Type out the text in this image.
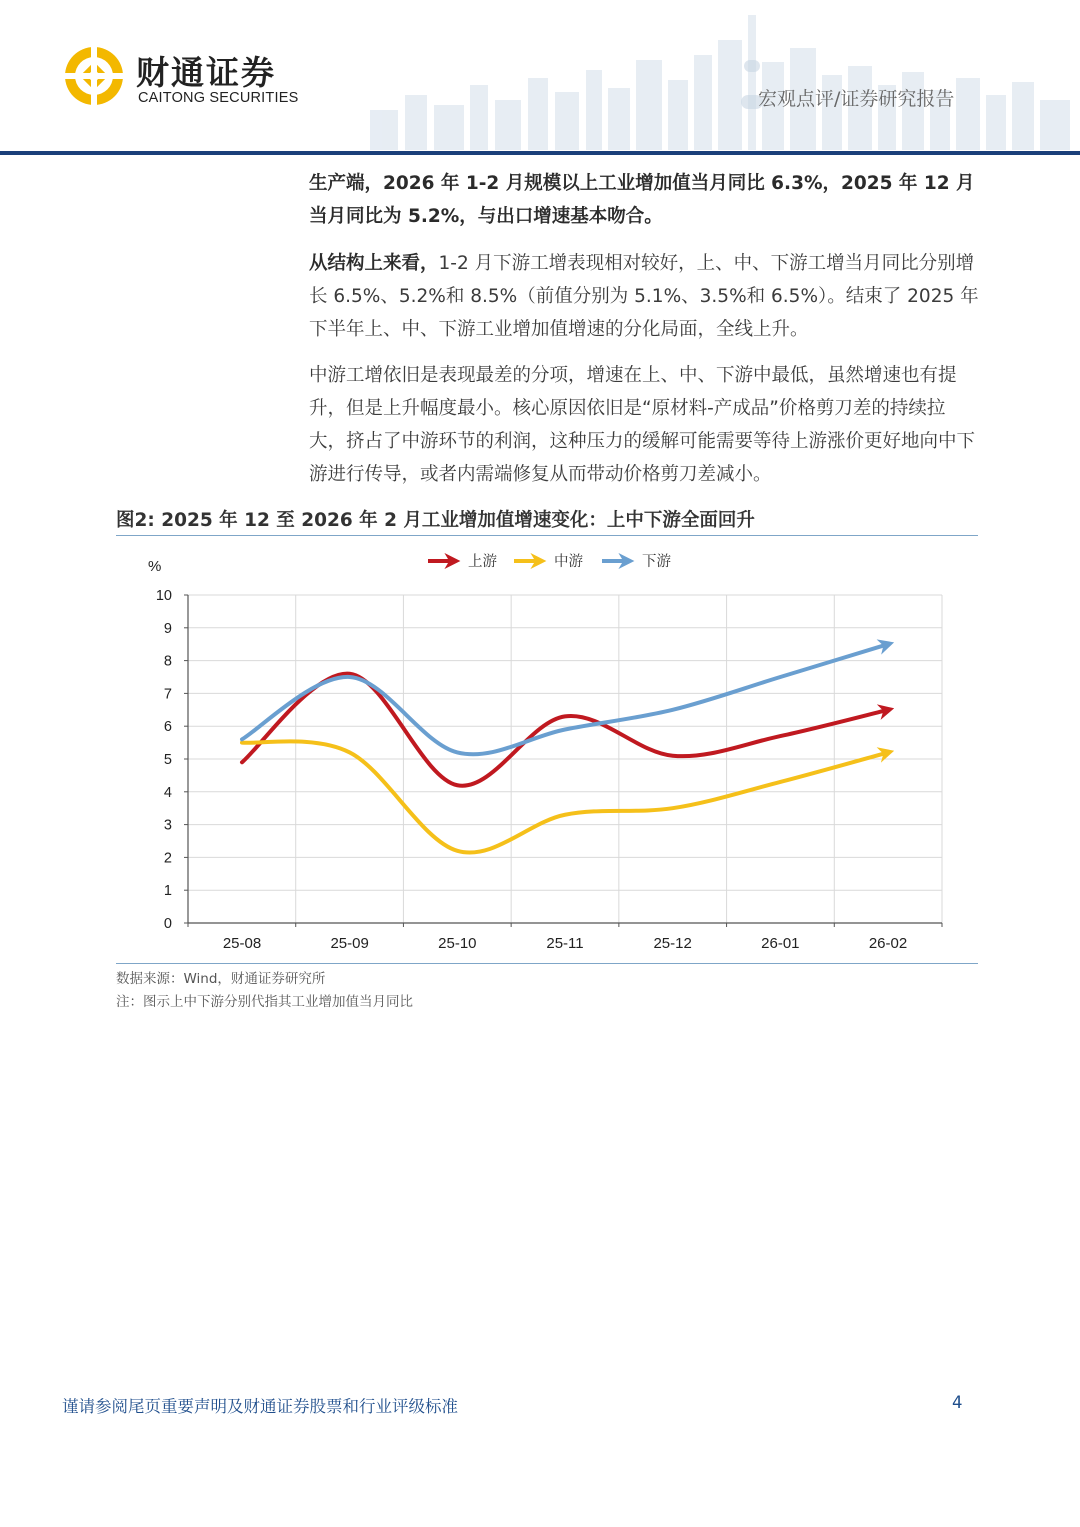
财通证券
CAITONG SECURITIES	宏观点评/证券研究报告

生产端，2026 年 1-2 月规模以上工业增加值当月同比 6.3%，2025 年 12 月当月同比为 5.2%，与出口增速基本吻合。

从结构上来看，1-2 月下游工增表现相对较好，上、中、下游工增当月同比分别增长 6.5%、5.2%和 8.5%（前值分别为 5.1%、3.5%和 6.5%）。结束了 2025 年下半年上、中、下游工业增加值增速的分化局面，全线上升。

中游工增依旧是表现最差的分项，增速在上、中、下游中最低，虽然增速也有提升，但是上升幅度最小。核心原因依旧是“原材料-产成品”价格剪刀差的持续拉大，挤占了中游环节的利润，这种压力的缓解可能需要等待上游涨价更好地向中下游进行传导，或者内需端修复从而带动价格剪刀差减小。

图2: 2025 年 12 至 2026 年 2 月工业增加值增速变化：上中下游全面回升
0
1
2
3
4
5
6
7
8
9
10
25-08	25-09	25-10	25-11	25-12	26-01	26-02
上游	中游	下游
%
数据来源：Wind，财通证券研究所
注：图示上中下游分别代指其工业增加值当月同比
谨请参阅尾页重要声明及财通证券股票和行业评级标准	4
